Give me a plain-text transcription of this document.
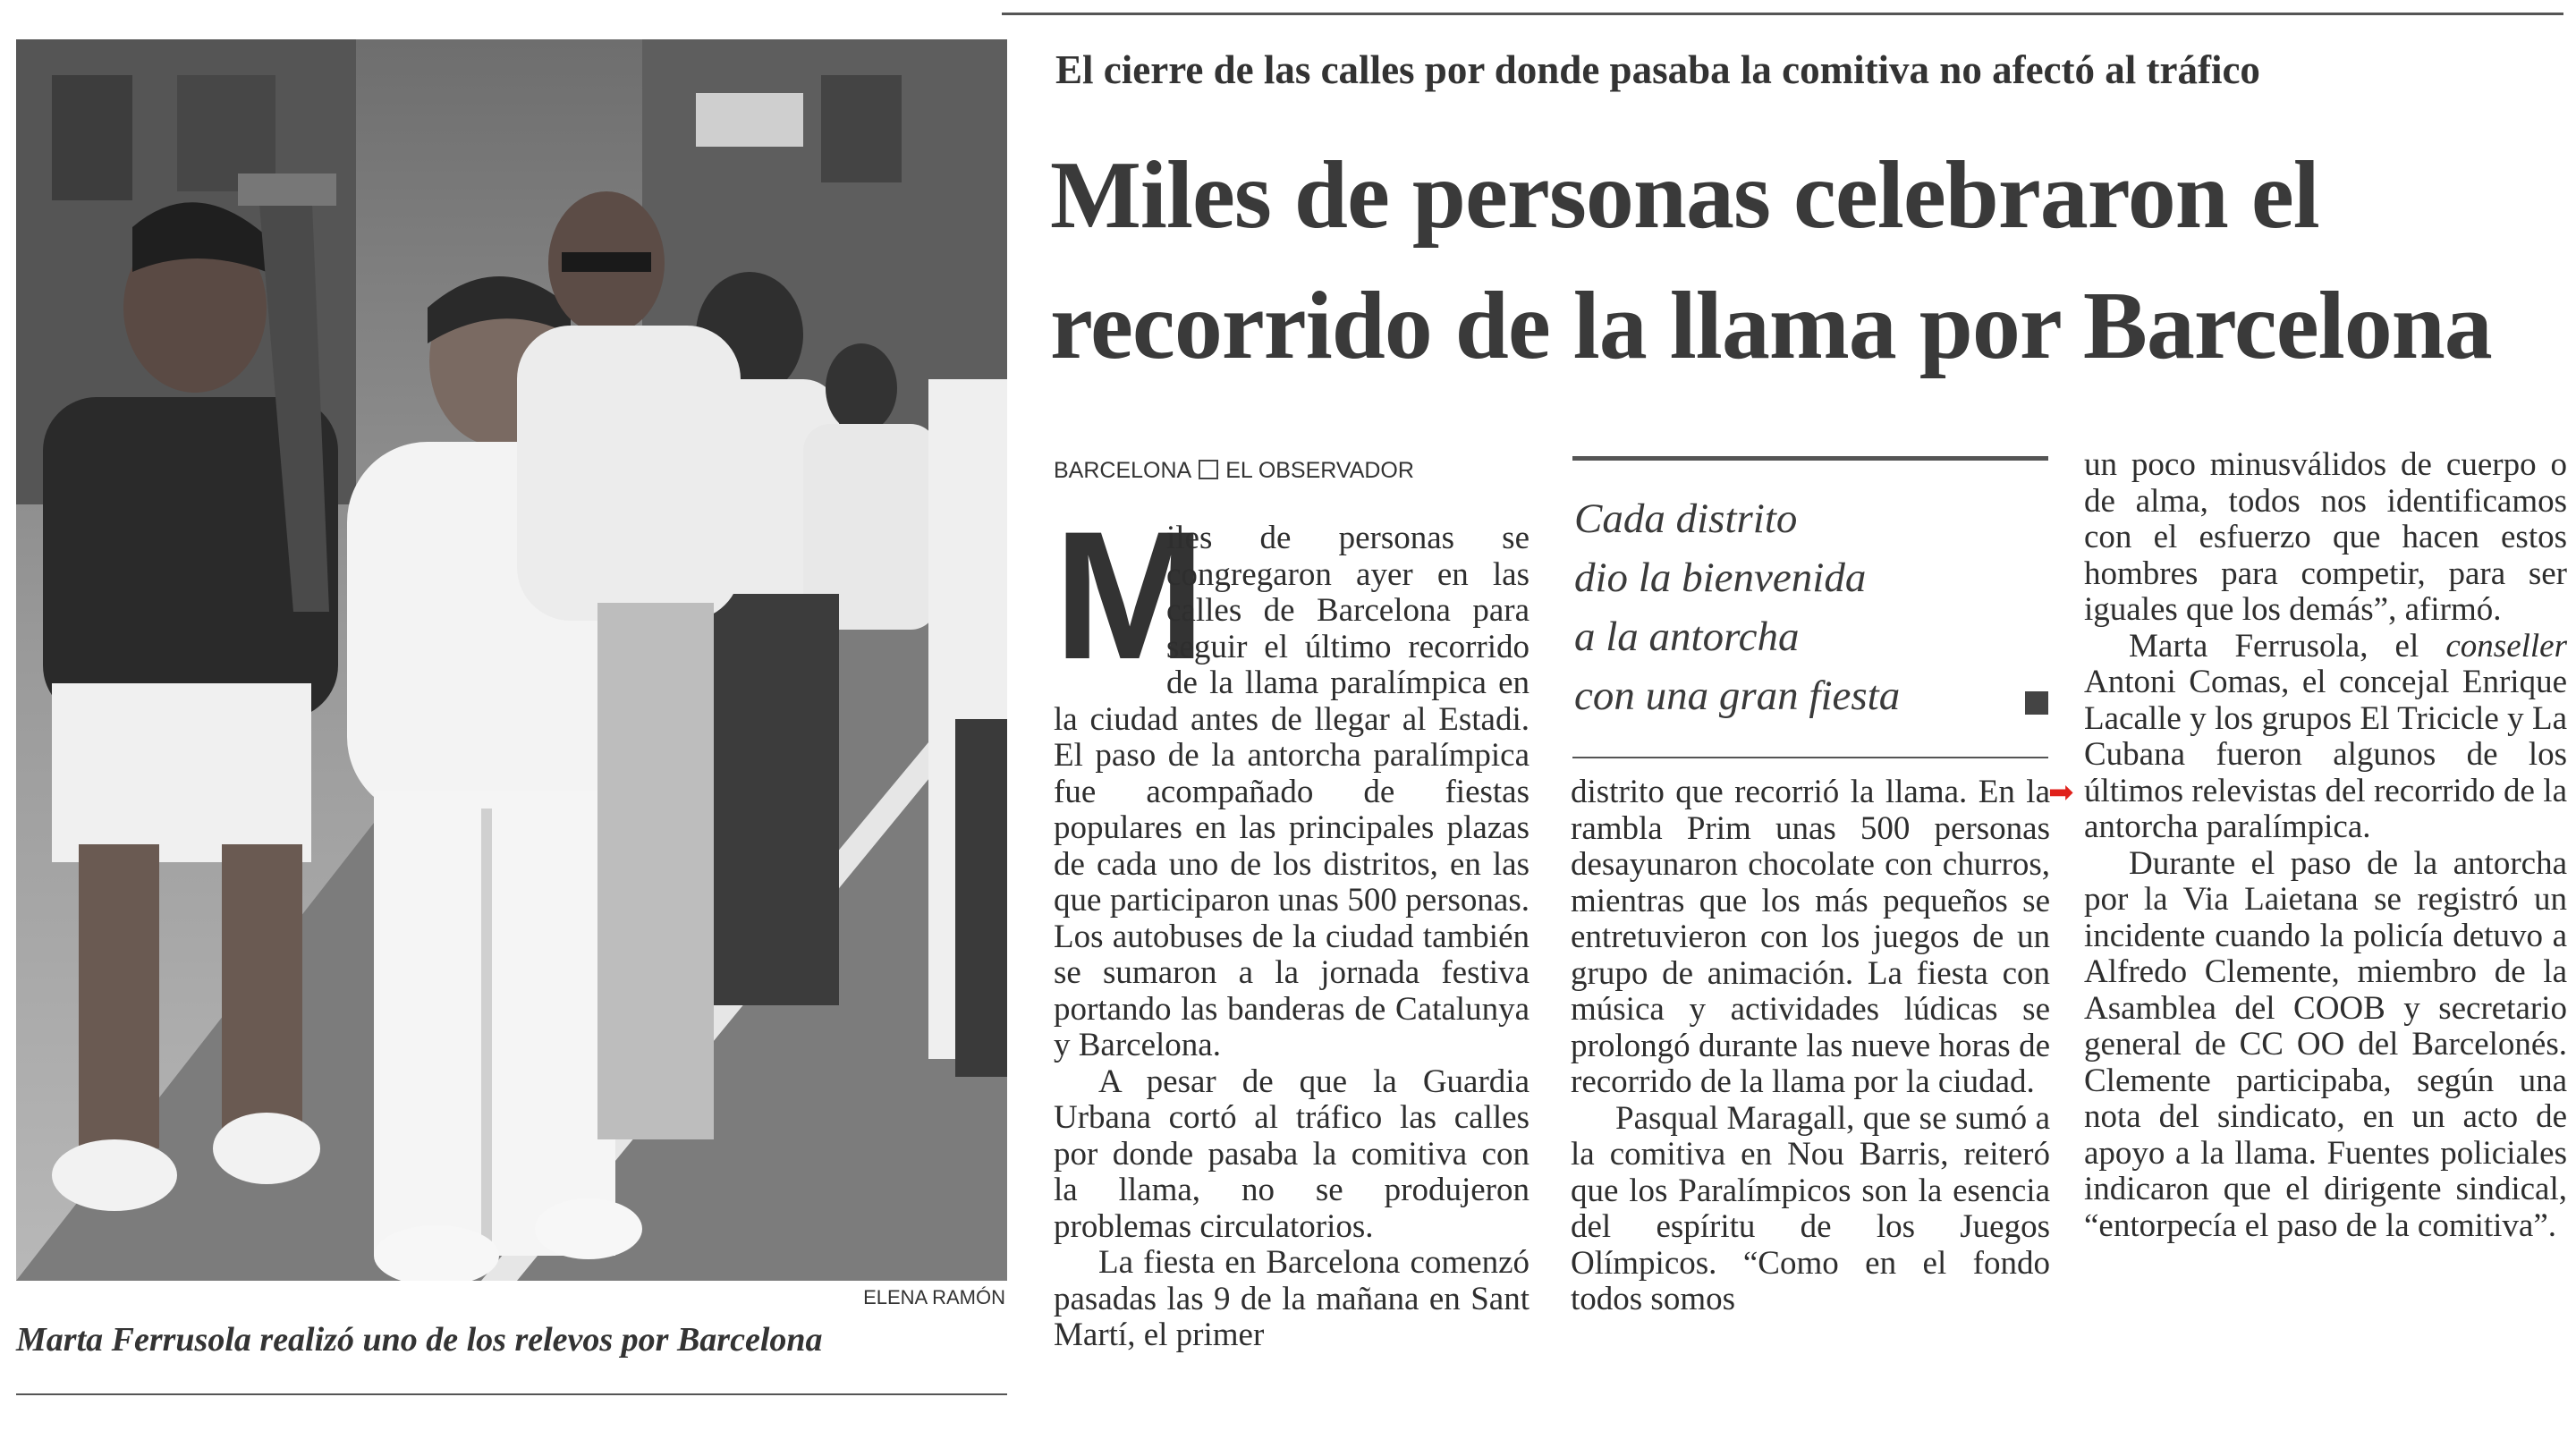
ELENA RAMÓN

Marta Ferrusola realizó uno de los relevos por Barcelona

El cierre de las calles por donde pasaba la comitiva no afectó al tráfico

Miles de personas celebraron el
recorrido de la llama por Barcelona
BARCELONA EL OBSERVADOR

M
iles de personas se congregaron ayer en las calles de Barcelona para seguir el último recorrido de la llama paralímpica en la ciudad antes de llegar al Estadi. El paso de la antorcha paralímpica fue acompañado de fiestas populares en las principales plazas de cada uno de los distritos, en las que participaron unas 500 personas. Los autobuses de la ciudad también se sumaron a la jornada festiva portando las banderas de Catalunya y Barcelona.

A pesar de que la Guardia Urbana cortó al tráfico las calles por donde pasaba la comitiva con la llama, no se produjeron problemas circulatorios.

La fiesta en Barcelona comenzó pasadas las 9 de la mañana en Sant Martí, el primer

Cada distrito
dio la bienvenida
a la antorcha
con una gran fiesta

distrito que recorrió la llama. En la rambla Prim unas 500 personas desayunaron chocolate con churros, mientras que los más pequeños se entretuvieron con los juegos de un grupo de animación. La fiesta con música y actividades lúdicas se prolongó durante las nueve horas de recorrido de la llama por la ciudad.

Pasqual Maragall, que se sumó a la comitiva en Nou Barris, reiteró que los Paralímpicos son la esencia del espíritu de los Juegos Olímpicos. “Como en el fondo todos somos

➡

un poco minusválidos de cuerpo o de alma, todos nos identificamos con el esfuerzo que hacen estos hombres para competir, para ser iguales que los demás”, afirmó.

Marta Ferrusola, el conseller Antoni Comas, el concejal Enrique Lacalle y los grupos El Tricicle y La Cubana fueron algunos de los últimos relevistas del recorrido de la antorcha paralímpica.

Durante el paso de la antorcha por la Via Laietana se registró un incidente cuando la policía detuvo a Alfredo Clemente, miembro de la Asamblea del COOB y secretario general de CC OO del Barcelonés. Clemente participaba, según una nota del sindicato, en un acto de apoyo a la llama. Fuentes policiales indicaron que el dirigente sindical, “entorpecía el paso de la comitiva”.
